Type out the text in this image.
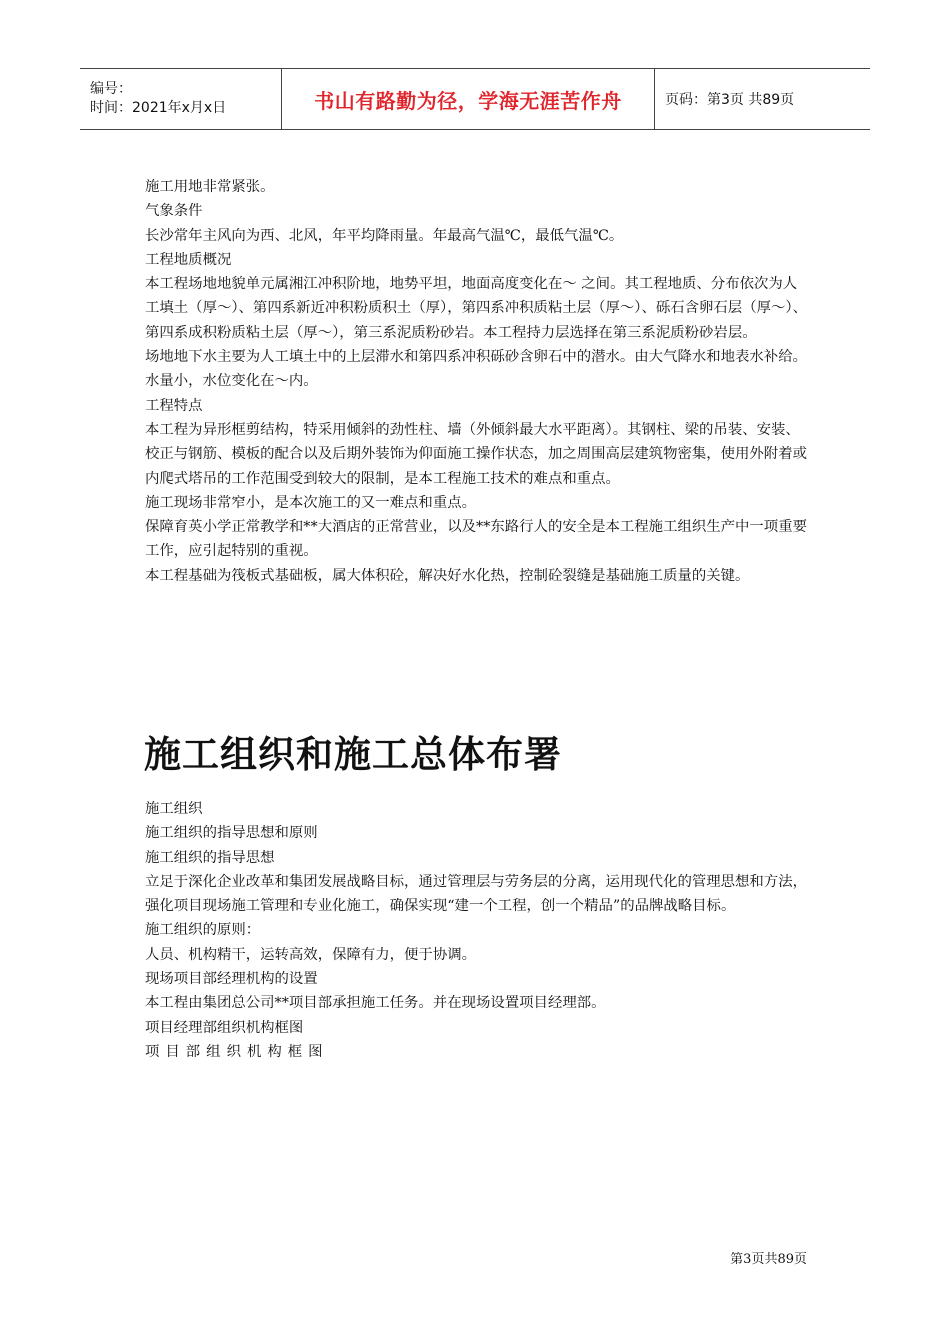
编号：
时间：2021年x月x日	书山有路勤为径，学海无涯苦作舟	页码：第3页 共89页

施工用地非常紧张。

气象条件

长沙常年主风向为西、北风，年平均降雨量。年最高气温℃，最低气温℃。

工程地质概况

本工程场地地貌单元属湘江冲积阶地，地势平坦，地面高度变化在～ 之间。其工程地质、分布依次为人工填土（厚～）、第四系新近冲积粉质积土（厚），第四系冲积质粘土层（厚～）、砾石含卵石层（厚～）、第四系成积粉质粘土层（厚～），第三系泥质粉砂岩。本工程持力层选择在第三系泥质粉砂岩层。

场地地下水主要为人工填土中的上层滞水和第四系冲积砾砂含卵石中的潜水。由大气降水和地表水补给。水量小，水位变化在～内。

工程特点

本工程为异形框剪结构，特采用倾斜的劲性柱、墙（外倾斜最大水平距离）。其钢柱、梁的吊装、安装、校正与钢筋、模板的配合以及后期外装饰为仰面施工操作状态，加之周围高层建筑物密集，使用外附着或内爬式塔吊的工作范围受到较大的限制，是本工程施工技术的难点和重点。

施工现场非常窄小，是本次施工的又一难点和重点。

保障育英小学正常教学和**大酒店的正常营业，以及**东路行人的安全是本工程施工组织生产中一项重要工作，应引起特别的重视。

本工程基础为筏板式基础板，属大体积砼，解决好水化热，控制砼裂缝是基础施工质量的关键。

施工组织和施工总体布署

施工组织

施工组织的指导思想和原则

施工组织的指导思想

立足于深化企业改革和集团发展战略目标，通过管理层与劳务层的分离，运用现代化的管理思想和方法，强化项目现场施工管理和专业化施工，确保实现“建一个工程，创一个精品”的品牌战略目标。

施工组织的原则：

人员、机构精干，运转高效，保障有力，便于协调。

现场项目部经理机构的设置

本工程由集团总公司**项目部承担施工任务。并在现场设置项目经理部。

项目经理部组织机构框图

项目部组织机构框图

第3页共89页
